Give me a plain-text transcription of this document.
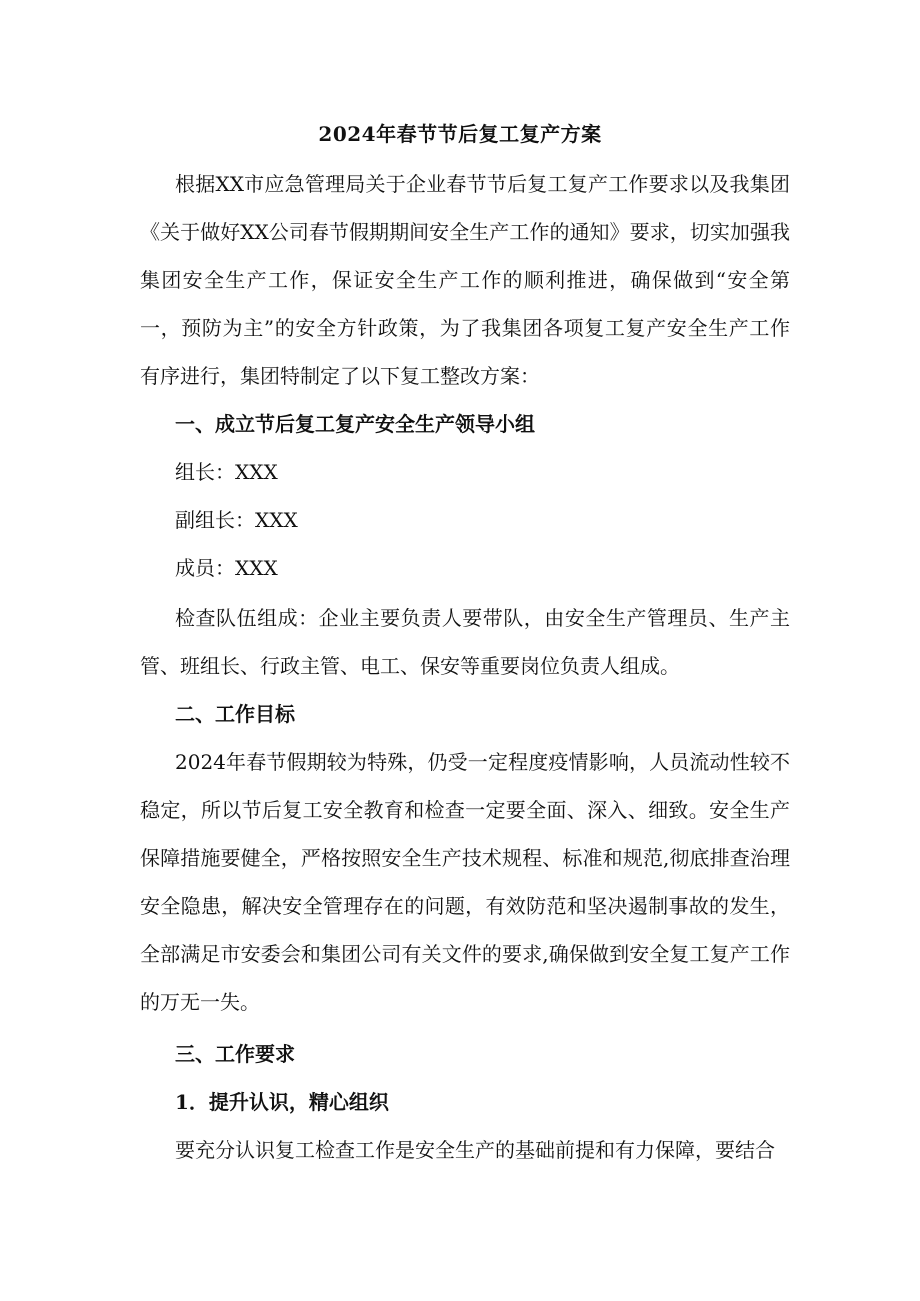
2024年春节节后复工复产方案

根据XX市应急管理局关于企业春节节后复工复产工作要求以及我集团《关于做好XX公司春节假期期间安全生产工作的通知》要求，切实加强我集团安全生产工作，保证安全生产工作的顺利推进，确保做到“安全第一，预防为主”的安全方针政策，为了我集团各项复工复产安全生产工作有序进行，集团特制定了以下复工整改方案：

一、成立节后复工复产安全生产领导小组

组长：XXX

副组长：XXX

成员：XXX

检查队伍组成：企业主要负责人要带队，由安全生产管理员、生产主管、班组长、行政主管、电工、保安等重要岗位负责人组成。

二、工作目标

2024年春节假期较为特殊，仍受一定程度疫情影响，人员流动性较不稳定，所以节后复工安全教育和检查一定要全面、深入、细致。安全生产保障措施要健全，严格按照安全生产技术规程、标准和规范,彻底排查治理安全隐患，解决安全管理存在的问题，有效防范和坚决遏制事故的发生，全部满足市安委会和集团公司有关文件的要求,确保做到安全复工复产工作的万无一失。

三、工作要求

1．提升认识，精心组织

要充分认识复工检查工作是安全生产的基础前提和有力保障，要结合
